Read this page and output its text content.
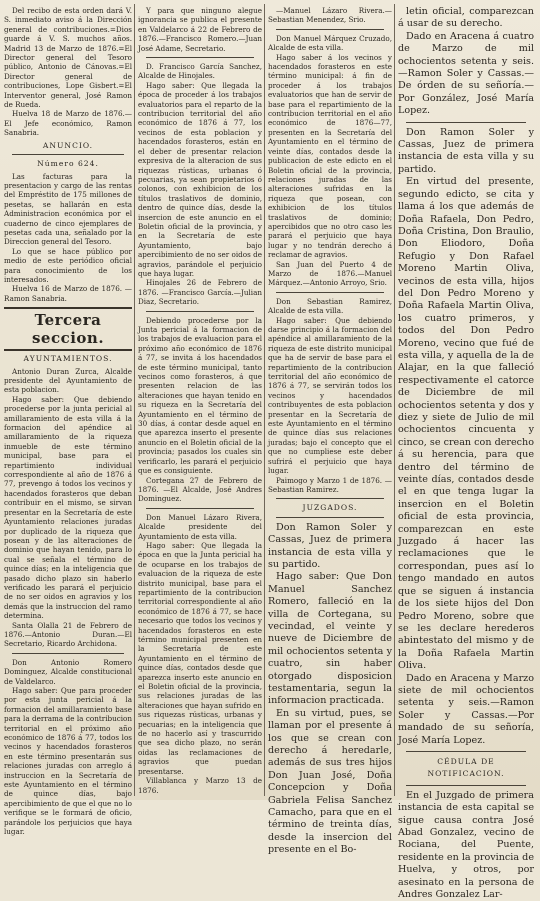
Del recibo de esta orden dará V. S. inmediato aviso á la Dirección general de contribuciones.=Dios guarde á V. S. muchos años. Madrid 13 de Marzo de 1876.=El Director general del Tesoro público, Antonio de Cánovas.=El Director general de contribuciones, Lope Gisbert.=El Interventor general, José Ramon de Rueda.

Huelva 18 de Marzo de 1876.—El Jefe económico, Ramon Sanabria.

ANUNCIO.
Número 624.

Las facturas para la presentacion y cargo de las rentas del Empréstito de 175 millones de pesetas, se hallarán en esta Administracion económica por el cuaderno de cinco ejemplares de pesetas cada una, señalado por la Direccion general del Tesoro.

Lo que se hace público por medio de este periódico oficial para conocimiento de los interesados.

Huelva 16 de Marzo de 1876. —Ramon Sanabria.

Tercera seccion.
AYUNTAMIENTOS.

Antonio Duran Zurca, Alcalde presidente del Ayuntamiento de esta poblacion.

Hago saber: Que debiendo procederse por la junta pericial al amillaramiento de esta villa á la formacion del apéndice al amillaramiento de la riqueza inmueble de este término municipal, base para el repartimiento individual correspondiente al año de 1876 á 77, prevengo á todos los vecinos y hacendados forasteros que deban contribuir en el mismo, se sirvan presentar en la Secretaría de este Ayuntamiento relaciones juradas por duplicado de la riqueza que posean y de las alteraciones de dominio que hayan tenido, para lo cual se señala el término de quince días; en la inteligencia que pasado dicho plazo sin haberlo verificado les parará el perjuicio de no ser oidos en agravios y los demás que la instruccion del ramo determina.

Santa Olalla 21 de Febrero de 1876.—Antonio Duran.—El Secretario, Ricardo Archidona.

Don Antonio Romero Dominguez, Alcalde constitucional de Valdelarco.

Hago saber: Que para proceder por esta junta pericial á la formacion del amillaramiento base para la derrama de la contribucion territorial en el próximo año económico de 1876 á 77, todos los vecinos y hacendados forasteros en este término presentarán sus relaciones juradas con arreglo á instruccion en la Secretaría de este Ayuntamiento en el término de quince días, bajo apercibimiento de que el que no lo verifique se le formará de oficio, parándole los perjuicios que haya lugar.

Y para que ninguno alegue ignorancia se publica el presente en Valdelarco á 22 de Febrero de 1876.—Francisco Romero.—Juan José Adame, Secretario.

D. Francisco García Sanchez, Alcalde de Hinojales.

Hago saber: Que llegada la época de proceder á los trabajos evaluatorios para el reparto de la contribucion territorial del año económico de 1876 á 77, los vecinos de esta poblacion y hacendados forasteros, están en el deber de presentar relacion expresiva de la alteracion de sus riquezas rústicas, urbanas ó pecuarias, ya sean propietarios ó colonos, con exhibicion de los títulos traslativos de dominio, dentro de quince días, desde la insercion de este anuncio en el Boletin oficial de la provincia, y en la Secretaría de este Ayuntamiento, bajo apercibimiento de no ser oidos de agravios, parándole el perjuicio que haya lugar.

Hinojales 26 de Febrero de 1876. —Francisco García.—Julian Diaz, Secretario.

Debiendo procederse por la Junta pericial á la formacion de los trabajos de evaluacion para el próximo año económico de 1876 á 77, se invita á los hacendados de este término municipal, tanto vecinos como forasteros, á que presenten relacion de las alteraciones que hayan tenido en su riqueza en la Secretaría del Ayuntamiento en el término de 30 días, á contar desde aquel en que aparezca inserto el presente anuncio en el Boletin oficial de la provincia; pasados los cuales sin verificarlo, les parará el perjuicio que es consiguiente.

Cortegana 27 de Febrero de 1876. —El Alcalde, José Andres Dominguez.

Don Manuel Lázaro Rivera, Alcalde presidente del Ayuntamiento de esta villa.

Hago saber: Que llegada la época en que la Junta pericial ha de ocuparse en los trabajos de evaluacion de la riqueza de este distrito municipal, base para el repartimiento de la contribucion territorial correspondiente al año económico de 1876 á 77, se hace necesario que todos los vecinos y hacendados forasteros en este término municipal presenten en la Secretaría de este Ayuntamiento en el término de quince días, contados desde que aparezca inserto este anuncio en el Boletin oficial de la provincia, sus relaciones juradas de las alteraciones que hayan sufrido en sus riquezas rústicas, urbanas y pecuarias; en la inteligencia que de no hacerlo así y trascurrido que sea dicho plazo, no serán oidas las reclamaciones de agravios que puedan presentarse.

Villablanca y Marzo 13 de 1876.

—Manuel Lázaro Rivera.—Sebastian Menendez, Srio.

Don Manuel Márquez Cruzado, Alcalde de esta villa.

Hago saber á los vecinos y hacendados forasteros en este término municipal: á fin de proceder á los trabajos evaluatorios que han de servir de base para el repartimiento de la contribucion territorial en el año económico de 1876—77, presenten en la Secretaría del Ayuntamiento en el término de veinte días, contados desde la publicacion de este edicto en el Boletin oficial de la provincia, relaciones juradas de las alteraciones sufridas en la riqueza que posean, con exhibicion de los títulos traslativos de dominio; apercibidos que no otro caso les parará el perjuicio que haya lugar y no tendrán derecho á reclamar de agravios.

San Juan del Puerto 4 de Marzo de 1876.—Manuel Márquez.—Antonio Arroyo, Srio.

Don Sebastian Ramirez, Alcalde de esta villa.

Hago saber: Que debiendo darse principio á la formacion del apéndice al amillaramiento de la riqueza de este distrito municipal que ha de servir de base para el repartimiento de la contribucion territorial del año económico de 1876 á 77, se servirán todos los vecinos y hacendados contribuyentes de esta poblacion presentar en la Secretaría de este Ayuntamiento en el término de quince días sus relaciones juradas; bajo el concepto que el que no cumpliese este deber sufrirá el perjuicio que haya lugar.

Paimogo y Marzo 1 de 1876. —Sebastian Ramirez.

JUZGADOS.

Don Ramon Soler y Cassas, Juez de primera instancia de esta villa y su partido.

Hago saber: Que Don Manuel Sanchez Romero, falleció en la villa de Cortegana, su vecindad, el veinte y nueve de Diciembre de mil ochocientos setenta y cuatro, sin haber otorgado disposicion testamentaria, segun la informacion practicada.

En su virtud, pues, se llaman por el presente á los que se crean con derecho á heredarle, además de sus tres hijos Don Juan José, Doña Concepcion y Doña Gabriela Felisa Sanchez Camacho, para que en el término de treinta días, desde la insercion del presente en el Bo-

letin oficial, comparezcan á usar de su derecho.

Dado en Aracena á cuatro de Marzo de mil ochocientos setenta y seis.—Ramon Soler y Cassas.—De órden de su señoría.—Por González, José María Lopez.

Don Ramon Soler y Cassas, Juez de primera instancia de esta villa y su partido.

En virtud del presente, segundo edicto, se cita y llama á los que además de Doña Rafaela, Don Pedro, Doña Cristina, Don Braulio, Don Eliodoro, Doña Refugio y Don Rafael Moreno Martin Oliva, vecinos de esta villa, hijos del Don Pedro Moreno y Doña Rafaela Martin Oliva, los cuatro primeros, y todos del Don Pedro Moreno, vecino que fué de esta villa, y aquella de la de Alajar, en la que falleció respectivamente el catorce de Diciembre de mil ochocientos setenta y dos y diez y siete de Julio de mil ochocientos cincuenta y cinco, se crean con derecho á su herencia, para que dentro del término de veinte días, contados desde el en que tenga lugar la insercion en el Boletin oficial de esta provincia, comparezcan en este Juzgado á hacer las reclamaciones que le correspondan, pues así lo tengo mandado en autos que se siguen á instancia de los siete hijos del Don Pedro Moreno, sobre que se les declare herederos abintestato del mismo y de la Doña Rafaela Martin Oliva.

Dado en Aracena y Marzo siete de mil ochocientos setenta y seis.—Ramon Soler y Cassas.—Por mandado de su señoría, José María Lopez.

CÉDULA DE NOTIFICACION.

En el Juzgado de primera instancia de esta capital se sigue causa contra José Abad Gonzalez, vecino de Rociana, del Puente, residente en la provincia de Huelva, y otros, por asesinato en la persona de Andres Gonzalez Lar-
